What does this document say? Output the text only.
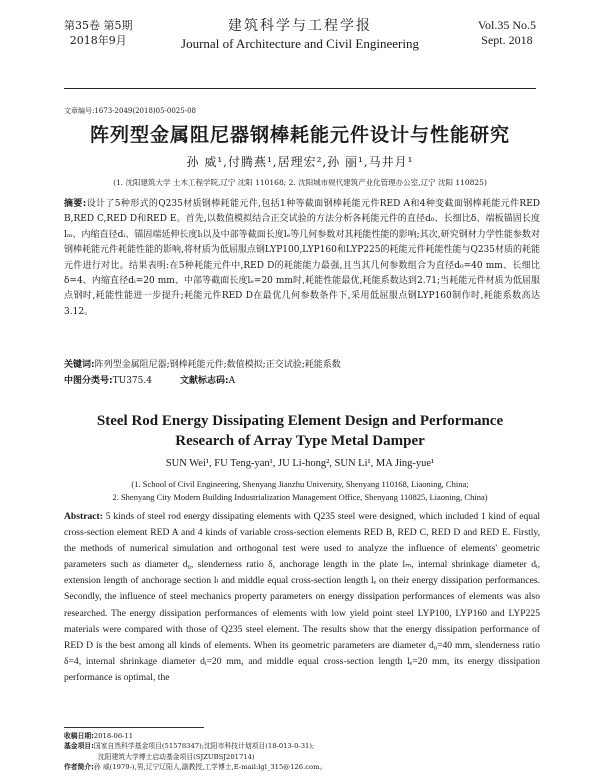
第35卷 第5期
2018年9月
建筑科学与工程学报
Journal of Architecture and Civil Engineering
Vol.35 No.5
Sept. 2018
文章编号:1673-2049(2018)05-0025-08
阵列型金属阻尼器钢棒耗能元件设计与性能研究
孙 威¹,付腾燕¹,居理宏²,孙 丽¹,马井月¹
(1. 沈阳建筑大学 土木工程学院,辽宁 沈阳 110168; 2. 沈阳城市规代建筑产业化管理办公室,辽宁 沈阳 110825)
摘要:设计了5种形式的Q235材质钢棒耗能元件,包括1种等截面钢棒耗能元件RED A和4种变截面钢棒耗能元件RED B,RED C,RED D和RED E。首先,以数值模拟结合正交试验的方法分析各耗能元件的直径d₀、长细比δ、端板锚固长度lₘ、内缩直径dᵢ、锚固端延伸长度lₗ以及中部等截面长度lₑ等几何参数对其耗能性能的影响;其次,研究钢材力学性能参数对钢棒耗能元件耗能性能的影响,将材质为低屈服点钢LYP100,LYP160和LYP225的耗能元件耗能性能与Q235材质的耗能元件进行对比。结果表明:在5种耗能元件中,RED D的耗能能力最强,且当其几何参数组合为直径d₀=40 mm、长细比δ=4、内缩直径dᵢ=20 mm、中部等截面长度lₑ=20 mm时,耗能性能最优,耗能系数达到2.71;当耗能元件材质为低屈服点钢时,耗能性能进一步提升;耗能元件RED D在最优几何参数条件下,采用低屈服点钢LYP160制作时,耗能系数高达3.12。
关键词:阵列型金属阻尼器;钢棒耗能元件;数值模拟;正交试验;耗能系数
中图分类号:TU375.4	文献标志码:A
Steel Rod Energy Dissipating Element Design and Performance
Research of Array Type Metal Damper
SUN Wei¹, FU Teng-yan¹, JU Li-hong², SUN Li¹, MA Jing-yue¹
(1. School of Civil Engineering, Shenyang Jianzhu University, Shenyang 110168, Liaoning, China;
2. Shenyang City Modern Building Industrialization Management Office, Shenyang 110825, Liaoning, China)
Abstract: 5 kinds of steel rod energy dissipating elements with Q235 steel were designed, which included 1 kind of equal cross-section element RED A and 4 kinds of variable cross-section elements RED B, RED C, RED D and RED E. Firstly, the methods of numerical simulation and orthogonal test were used to analyze the influence of elements' geometric parameters such as diameter d₀, slenderness ratio δ, anchorage length in the plate lₘ, internal shrinkage diameter dᵢ, extension length of anchorage section lₗ and middle equal cross-section length lₑ on their energy dissipation performances. Secondly, the influence of steel mechanics property parameters on energy dissipation performances of elements was also researched. The energy dissipation performances of elements with low yield point steel LYP100, LYP160 and LYP225 materials were compared with those of Q235 steel element. The results show that the energy dissipation performance of RED D is the best among all kinds of elements. When its geometric parameters are diameter d₀=40 mm, slenderness ratio δ=4, internal shrinkage diameter dᵢ=20 mm, and middle equal cross-section length lₑ=20 mm, its energy dissipation performance is optimal, the
收稿日期:2018-06-11
基金项目:国家自然科学基金项目(51578347);沈阳市科技计划项目(18-013-0-31);
沈阳建筑大学博士启动基金项目(SJZUBSJ201714)
作者简介:孙 威(1979-),男,辽宁辽阳人,副教授,工学博士,E-mail:lgl_315@126.com。
